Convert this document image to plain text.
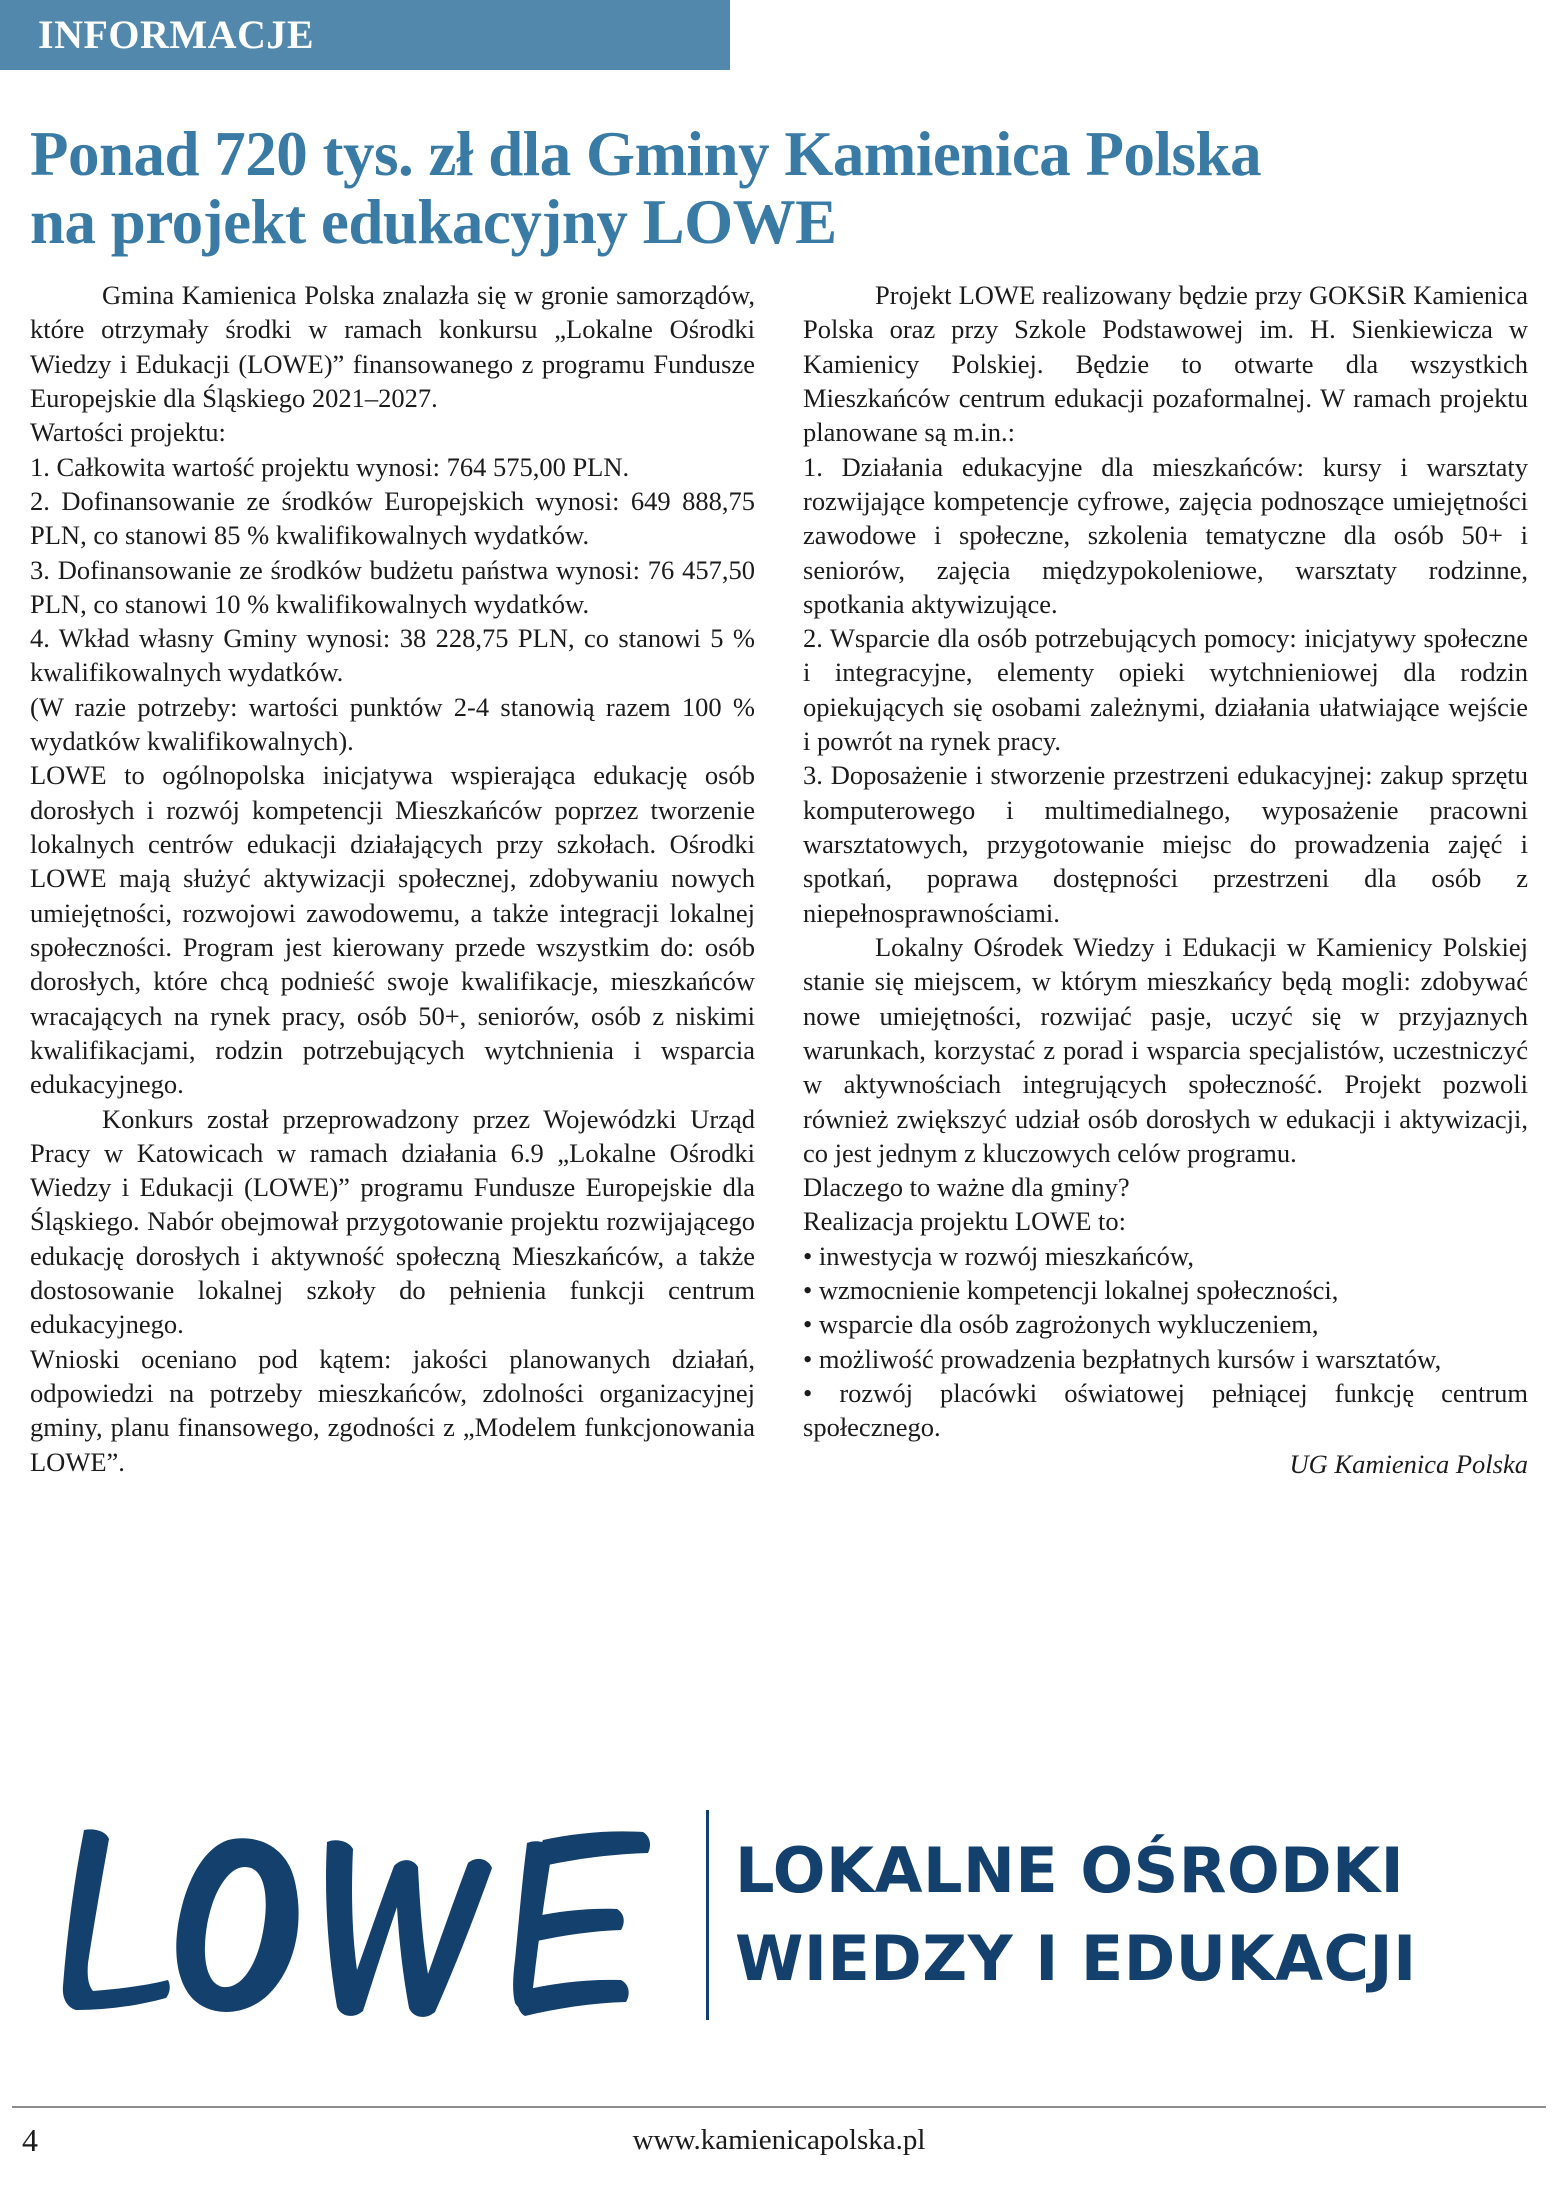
INFORMACJE
Ponad 720 tys. zł dla Gminy Kamienica Polska
na projekt edukacyjny LOWE

Gmina Kamienica Polska znalazła się w gronie samorządów, które otrzymały środki w ramach konkursu „Lokalne Ośrodki Wiedzy i Edukacji (LOWE)” finansowanego z programu Fundusze Europejskie dla Śląskiego 2021–2027.

Wartości projektu:

1. Całkowita wartość projektu wynosi: 764 575,00 PLN.

2. Dofinansowanie ze środków Europejskich wynosi: 649 888,75 PLN, co stanowi 85 % kwalifikowalnych wydatków.

3. Dofinansowanie ze środków budżetu państwa wynosi: 76 457,50 PLN, co stanowi 10 % kwalifikowalnych wydatków.

4. Wkład własny Gminy wynosi: 38 228,75 PLN, co stanowi 5 % kwalifikowalnych wydatków.

(W razie potrzeby: wartości punktów 2-4 stanowią razem 100 % wydatków kwalifikowalnych).

LOWE to ogólnopolska inicjatywa wspierająca edukację osób dorosłych i rozwój kompetencji Mieszkańców poprzez tworzenie lokalnych centrów edukacji działających przy szkołach. Ośrodki LOWE mają służyć aktywizacji społecznej, zdobywaniu nowych umiejętności, rozwojowi zawodowemu, a także integracji lokalnej społeczności. Program jest kierowany przede wszystkim do: osób dorosłych, które chcą podnieść swoje kwalifikacje, mieszkańców wracających na rynek pracy, osób 50+, seniorów, osób z niskimi kwalifikacjami, rodzin potrzebujących wytchnienia i wsparcia edukacyjnego.

Konkurs został przeprowadzony przez Wojewódzki Urząd Pracy w Katowicach w ramach działania 6.9 „Lokalne Ośrodki Wiedzy i Edukacji (LOWE)” programu Fundusze Europejskie dla Śląskiego. Nabór obejmował przygotowanie projektu rozwijającego edukację dorosłych i aktywność społeczną Mieszkańców, a także dostosowanie lokalnej szkoły do pełnienia funkcji centrum edukacyjnego.

Wnioski oceniano pod kątem: jakości planowanych działań, odpowiedzi na potrzeby mieszkańców, zdolności organizacyjnej gminy, planu finansowego, zgodności z „Modelem funkcjonowania LOWE”.

Projekt LOWE realizowany będzie przy GOKSiR Kamienica Polska oraz przy Szkole Podstawowej im. H. Sienkiewicza w Kamienicy Polskiej. Będzie to otwarte dla wszystkich Mieszkańców centrum edukacji pozaformalnej. W ramach projektu planowane są m.in.:

1. Działania edukacyjne dla mieszkańców: kursy i warsztaty rozwijające kompetencje cyfrowe, zajęcia podnoszące umiejętności zawodowe i społeczne, szkolenia tematyczne dla osób 50+ i seniorów, zajęcia międzypokoleniowe, warsztaty rodzinne, spotkania aktywizujące.

2. Wsparcie dla osób potrzebujących pomocy: inicjatywy społeczne i integracyjne, elementy opieki wytchnieniowej dla rodzin opiekujących się osobami zależnymi, działania ułatwiające wejście i powrót na rynek pracy.

3. Doposażenie i stworzenie przestrzeni edukacyjnej: zakup sprzętu komputerowego i multimedialnego, wyposażenie pracowni warsztatowych, przygotowanie miejsc do prowadzenia zajęć i spotkań, poprawa dostępności przestrzeni dla osób z niepełnosprawnościami.

Lokalny Ośrodek Wiedzy i Edukacji w Kamienicy Polskiej stanie się miejscem, w którym mieszkańcy będą mogli: zdobywać nowe umiejętności, rozwijać pasje, uczyć się w przyjaznych warunkach, korzystać z porad i wsparcia specjalistów, uczestniczyć w aktywnościach integrujących społeczność. Projekt pozwoli również zwiększyć udział osób dorosłych w edukacji i aktywizacji, co jest jednym z kluczowych celów programu.

Dlaczego to ważne dla gminy?

Realizacja projektu LOWE to:

• inwestycja w rozwój mieszkańców,

• wzmocnienie kompetencji lokalnej społeczności,

• wsparcie dla osób zagrożonych wykluczeniem,

• możliwość prowadzenia bezpłatnych kursów i warsztatów,

• rozwój placówki oświatowej pełniącej funkcję centrum społecznego.

UG Kamienica Polska
LOKALNE OŚRODKI
WIEDZY I EDUKACJI
4	www.kamienicapolska.pl
